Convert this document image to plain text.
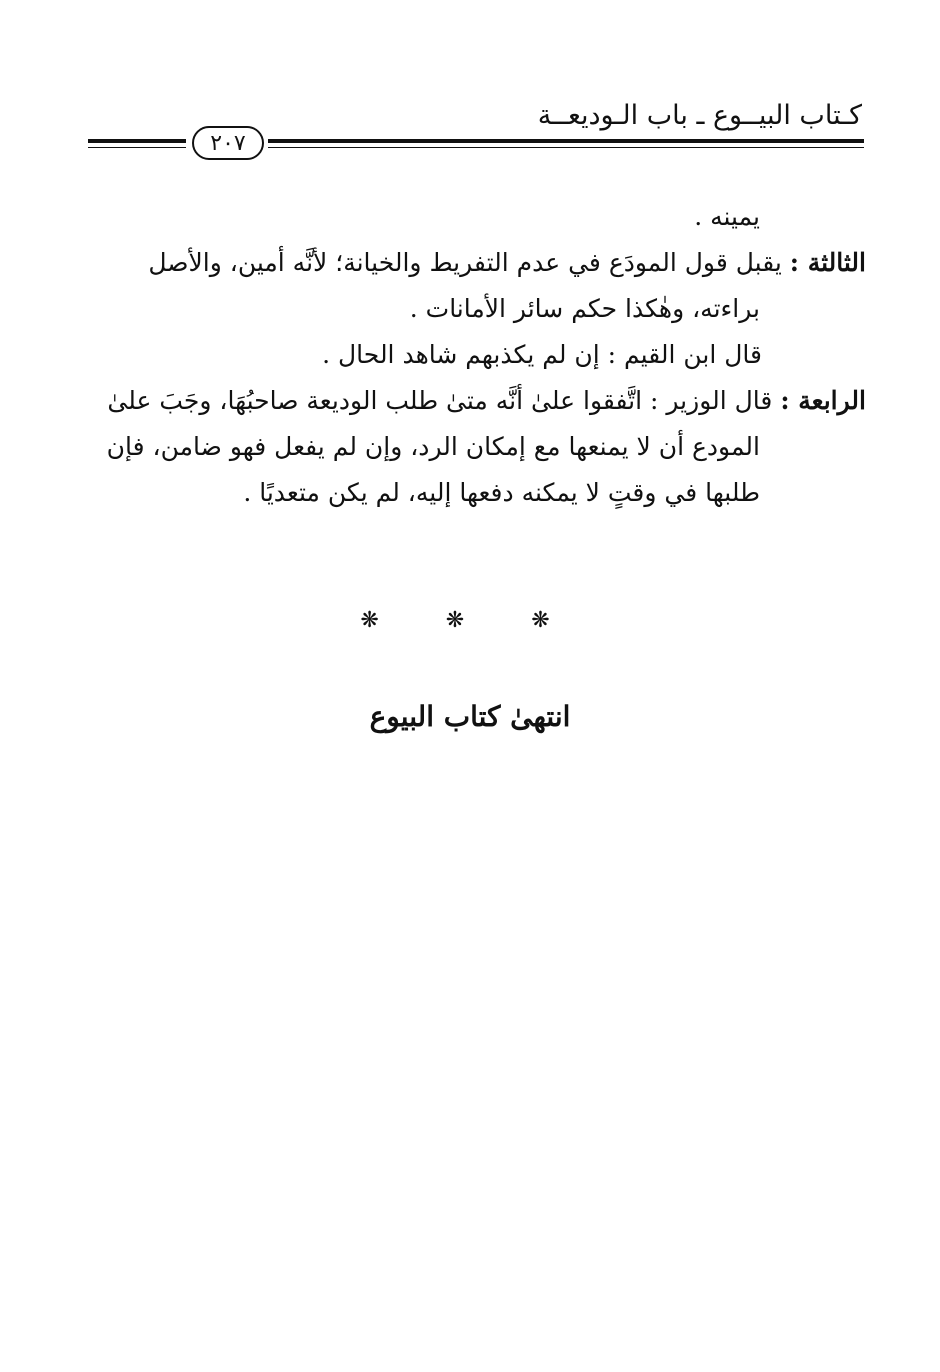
كـتاب البيــوع ـ باب الـوديعــة
٢٠٧
يمينه .
الثالثة : يقبل قول المودَع في عدم التفريط والخيانة؛ لأنَّه أمين، والأصل
براءته، وهٰكذا حكم سائر الأمانات .
قال ابن القيم : إن لم يكذبهم شاهد الحال .
الرابعة : قال الوزير : اتَّفقوا علىٰ أنَّه متىٰ طلب الوديعة صاحبُهَا، وجَبَ علىٰ
المودع أن لا يمنعها مع إمكان الرد، وإن لم يفعل فهو ضامن، فإن
طلبها في وقتٍ لا يمكنه دفعها إليه، لم يكن متعديًا .
❋ ❋ ❋
انتهىٰ كتاب البيوع
